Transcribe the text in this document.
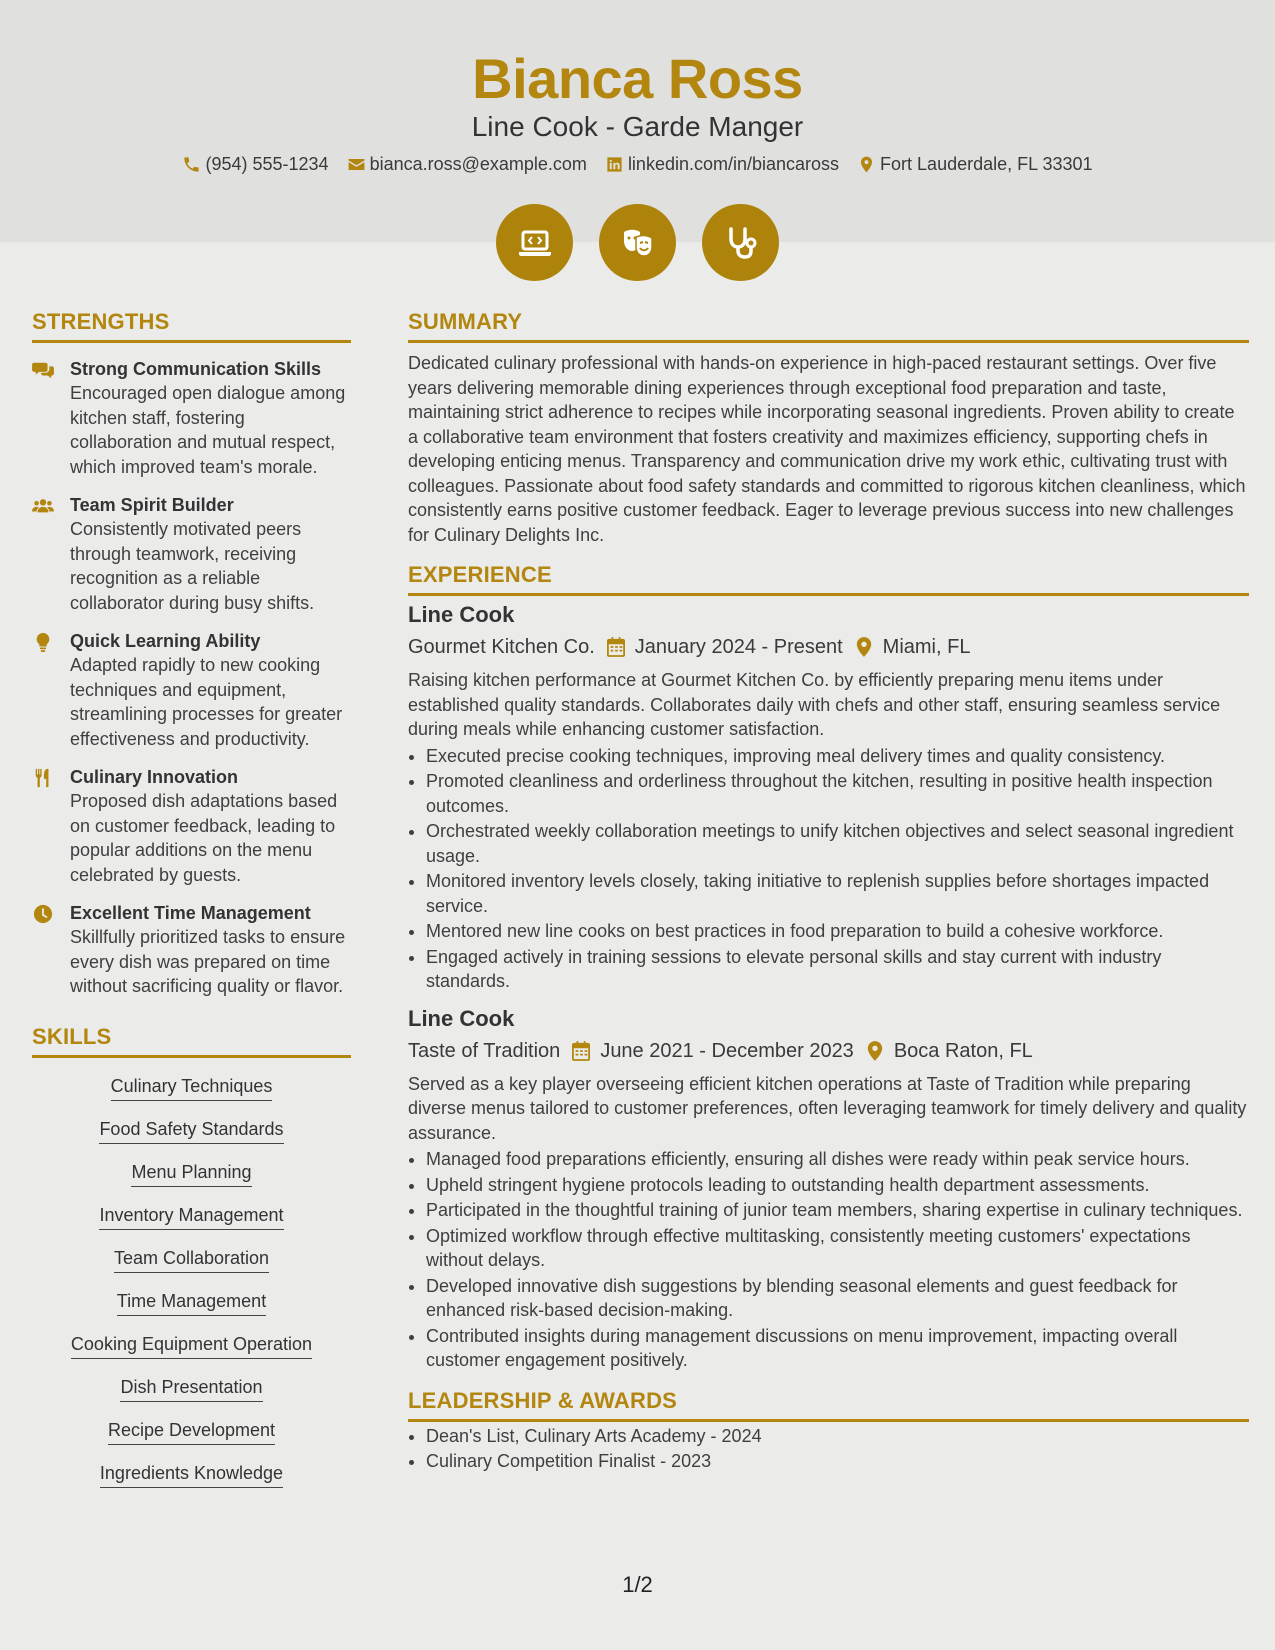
Bianca Ross
Line Cook - Garde Manger
(954) 555-1234 bianca.ross@example.com linkedin.com/in/biancaross Fort Lauderdale, FL 33301
STRENGTHS
Strong Communication Skills
Encouraged open dialogue among kitchen staff, fostering collaboration and mutual respect, which improved team's morale.
Team Spirit Builder
Consistently motivated peers through teamwork, receiving recognition as a reliable collaborator during busy shifts.
Quick Learning Ability
Adapted rapidly to new cooking techniques and equipment, streamlining processes for greater effectiveness and productivity.
Culinary Innovation
Proposed dish adaptations based on customer feedback, leading to popular additions on the menu celebrated by guests.
Excellent Time Management
Skillfully prioritized tasks to ensure every dish was prepared on time without sacrificing quality or flavor.
SKILLS
Culinary Techniques
Food Safety Standards
Menu Planning
Inventory Management
Team Collaboration
Time Management
Cooking Equipment Operation
Dish Presentation
Recipe Development
Ingredients Knowledge
SUMMARY

Dedicated culinary professional with hands-on experience in high-paced restaurant settings. Over five years delivering memorable dining experiences through exceptional food preparation and taste, maintaining strict adherence to recipes while incorporating seasonal ingredients. Proven ability to create a collaborative team environment that fosters creativity and maximizes efficiency, supporting chefs in developing enticing menus. Transparency and communication drive my work ethic, cultivating trust with colleagues. Passionate about food safety standards and committed to rigorous kitchen cleanliness, which consistently earns positive customer feedback. Eager to leverage previous success into new challenges for Culinary Delights Inc.

EXPERIENCE
Line Cook
Gourmet Kitchen Co. January 2024 - Present Miami, FL

Raising kitchen performance at Gourmet Kitchen Co. by efficiently preparing menu items under established quality standards. Collaborates daily with chefs and other staff, ensuring seamless service during meals while enhancing customer satisfaction.

• Executed precise cooking techniques, improving meal delivery times and quality consistency.
• Promoted cleanliness and orderliness throughout the kitchen, resulting in positive health inspection outcomes.
• Orchestrated weekly collaboration meetings to unify kitchen objectives and select seasonal ingredient usage.
• Monitored inventory levels closely, taking initiative to replenish supplies before shortages impacted service.
• Mentored new line cooks on best practices in food preparation to build a cohesive workforce.
• Engaged actively in training sessions to elevate personal skills and stay current with industry standards.
Line Cook
Taste of Tradition June 2021 - December 2023 Boca Raton, FL

Served as a key player overseeing efficient kitchen operations at Taste of Tradition while preparing diverse menus tailored to customer preferences, often leveraging teamwork for timely delivery and quality assurance.

• Managed food preparations efficiently, ensuring all dishes were ready within peak service hours.
• Upheld stringent hygiene protocols leading to outstanding health department assessments.
• Participated in the thoughtful training of junior team members, sharing expertise in culinary techniques.
• Optimized workflow through effective multitasking, consistently meeting customers' expectations without delays.
• Developed innovative dish suggestions by blending seasonal elements and guest feedback for enhanced risk-based decision-making.
• Contributed insights during management discussions on menu improvement, impacting overall customer engagement positively.
LEADERSHIP & AWARDS
• Dean's List, Culinary Arts Academy - 2024
• Culinary Competition Finalist - 2023
1/2
